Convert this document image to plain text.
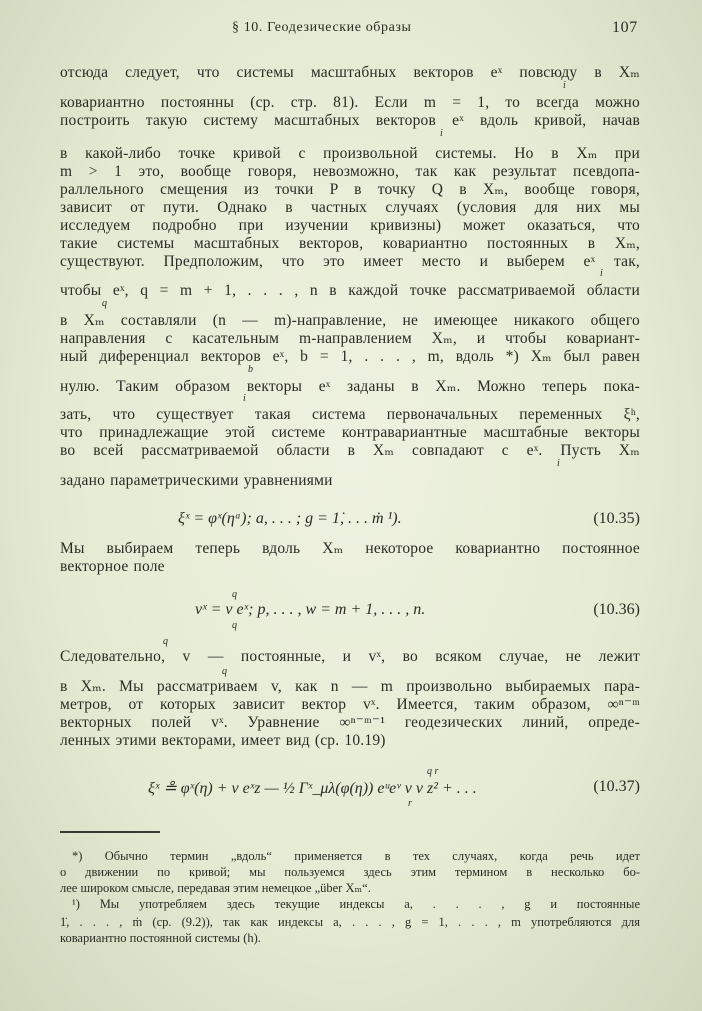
§ 10. Геодезические образы	107
отсюда следует, что системы масштабных векторов eˣ повсюду в Xₘ
i
ковариантно постоянны (ср. стр. 81). Если m = 1, то всегда можно
построить такую систему масштабных векторов eˣ вдоль кривой, начав
i
в какой-либо точке кривой с произвольной системы. Но в Xₘ при
m > 1 это, вообще говоря, невозможно, так как результат псевдопа-
раллельного смещения из точки P в точку Q в Xₘ, вообще говоря,
зависит от пути. Однако в частных случаях (условия для них мы
исследуем подробно при изучении кривизны) может оказаться, что
такие системы масштабных векторов, ковариантно постоянных в Xₘ,
существуют. Предположим, что это имеет место и выберем eˣ так,
i
чтобы eˣ, q = m + 1, . . . , n в каждой точке рассматриваемой области
q
в Xₘ составляли (n — m)-направление, не имеющее никакого общего
направления с касательным m-направлением Xₘ, и чтобы ковариант-
ный диференциал векторов eˣ, b = 1, . . . , m, вдоль *) Xₘ был равен
b
нулю. Таким образом векторы eˣ заданы в Xₘ. Можно теперь пока-
i
зать, что существует такая система первоначальных переменных ξʰ,
что принадлежащие этой системе контравариантные масштабные векторы
во всей рассматриваемой области в Xₘ совпадают с eˣ. Пусть Xₘ
i
задано параметрическими уравнениями
ξˣ = φˣ(ηᵃ); a, . . . ; g = 1̇, . . . ṁ ¹).	(10.35)
Мы выбираем теперь вдоль Xₘ некоторое ковариантно постоянное
векторное поле
q
vˣ = v eˣ; p, . . . , w = m + 1, . . . , n.
q
(10.36)
q
Следовательно, v — постоянные, и vˣ, во всяком случае, не лежит
q
в Xₘ. Мы рассматриваем v, как n — m произвольно выбираемых пара-
метров, от которых зависит вектор vˣ. Имеется, таким образом, ∞ⁿ⁻ᵐ
векторных полей vˣ. Уравнение ∞ⁿ⁻ᵐ⁻¹ геодезических линий, опреде-
ленных этими векторами, имеет вид (ср. 10.19)
q r
ξˣ ≗ φˣ(η) + v eˣz — ½ Γˣ_μλ(φ(η)) eᵘeᵛ v v z² + . . .
r
(10.37)
*) Обычно термин „вдоль“ применяется в тех случаях, когда речь идет
о движении по кривой; мы пользуемся здесь этим термином в несколько бо-
лее широком смысле, передавая этим немецкое „über Xₘ“.
¹) Мы употребляем здесь текущие индексы a, . . . , g и постоянные
1̇, . . . , ṁ (ср. (9.2)), так как индексы a, . . . , g = 1, . . . , m употребляются для
ковариантно постоянной системы (h).
